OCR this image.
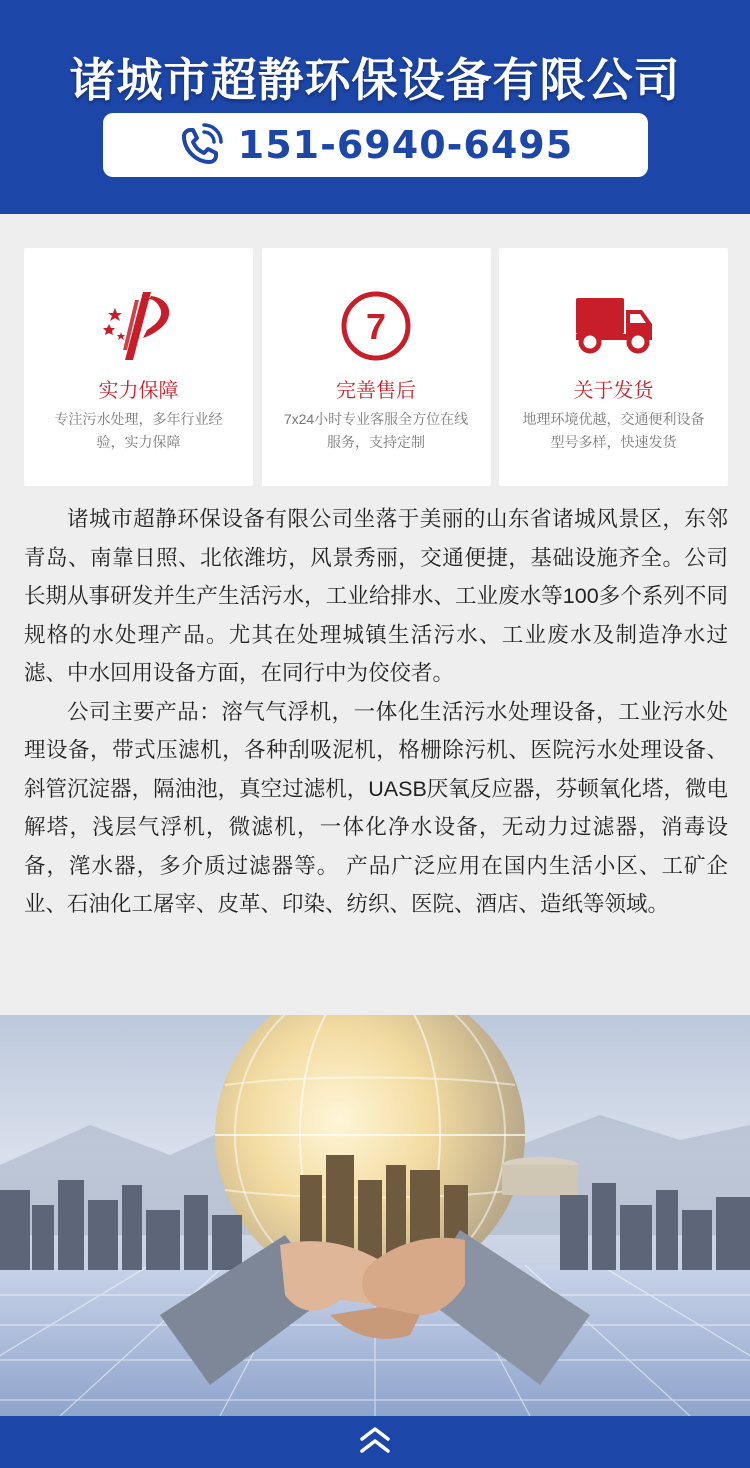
诸城市超静环保设备有限公司
151-6940-6495
实力保障
专注污水处理，多年行业经验，实力保障
7
完善售后
7x24小时专业客服全方位在线服务，支持定制
关于发货
地理环境优越，交通便利设备型号多样，快速发货

诸城市超静环保设备有限公司坐落于美丽的山东省诸城风景区，东邻青岛、南靠日照、北依潍坊，风景秀丽，交通便捷，基础设施齐全。公司长期从事研发并生产生活污水，工业给排水、工业废水等100多个系列不同规格的水处理产品。尤其在处理城镇生活污水、工业废水及制造净水过滤、中水回用设备方面，在同行中为佼佼者。

公司主要产品：溶气气浮机，一体化生活污水处理设备，工业污水处理设备，带式压滤机，各种刮吸泥机，格栅除污机、医院污水处理设备、斜管沉淀器，隔油池，真空过滤机，UASB厌氧反应器，芬顿氧化塔，微电解塔，浅层气浮机，微滤机，一体化净水设备，无动力过滤器，消毒设备，滗水器，多介质过滤器等。 产品广泛应用在国内生活小区、工矿企业、石油化工屠宰、皮革、印染、纺织、医院、酒店、造纸等领域。
